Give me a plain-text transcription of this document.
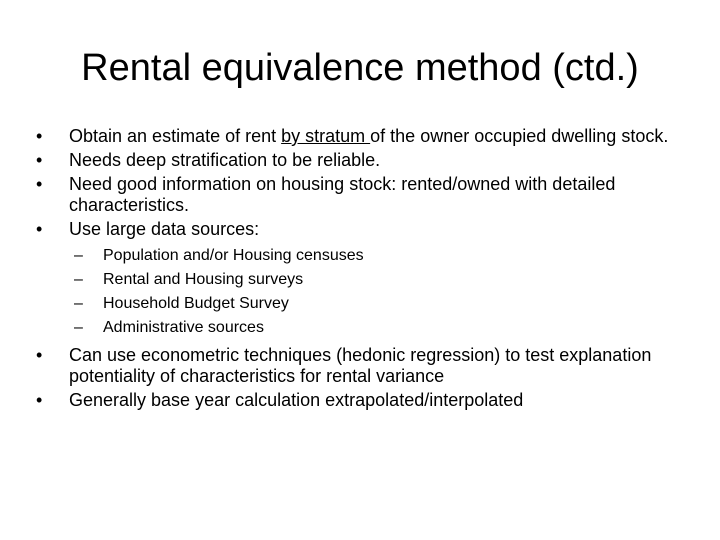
Rental equivalence method (ctd.)

•	Obtain an estimate of rent by stratum of the owner occupied dwelling stock.

•	Needs deep stratification to be reliable.

•	Need good information on housing stock: rented/owned with detailed characteristics.

•	Use large data sources:

– Population and/or Housing censuses

– Rental and Housing surveys

– Household Budget Survey

– Administrative sources

•	Can use econometric techniques (hedonic regression) to test explanation potentiality of characteristics for rental variance

•	Generally base year calculation extrapolated/interpolated
